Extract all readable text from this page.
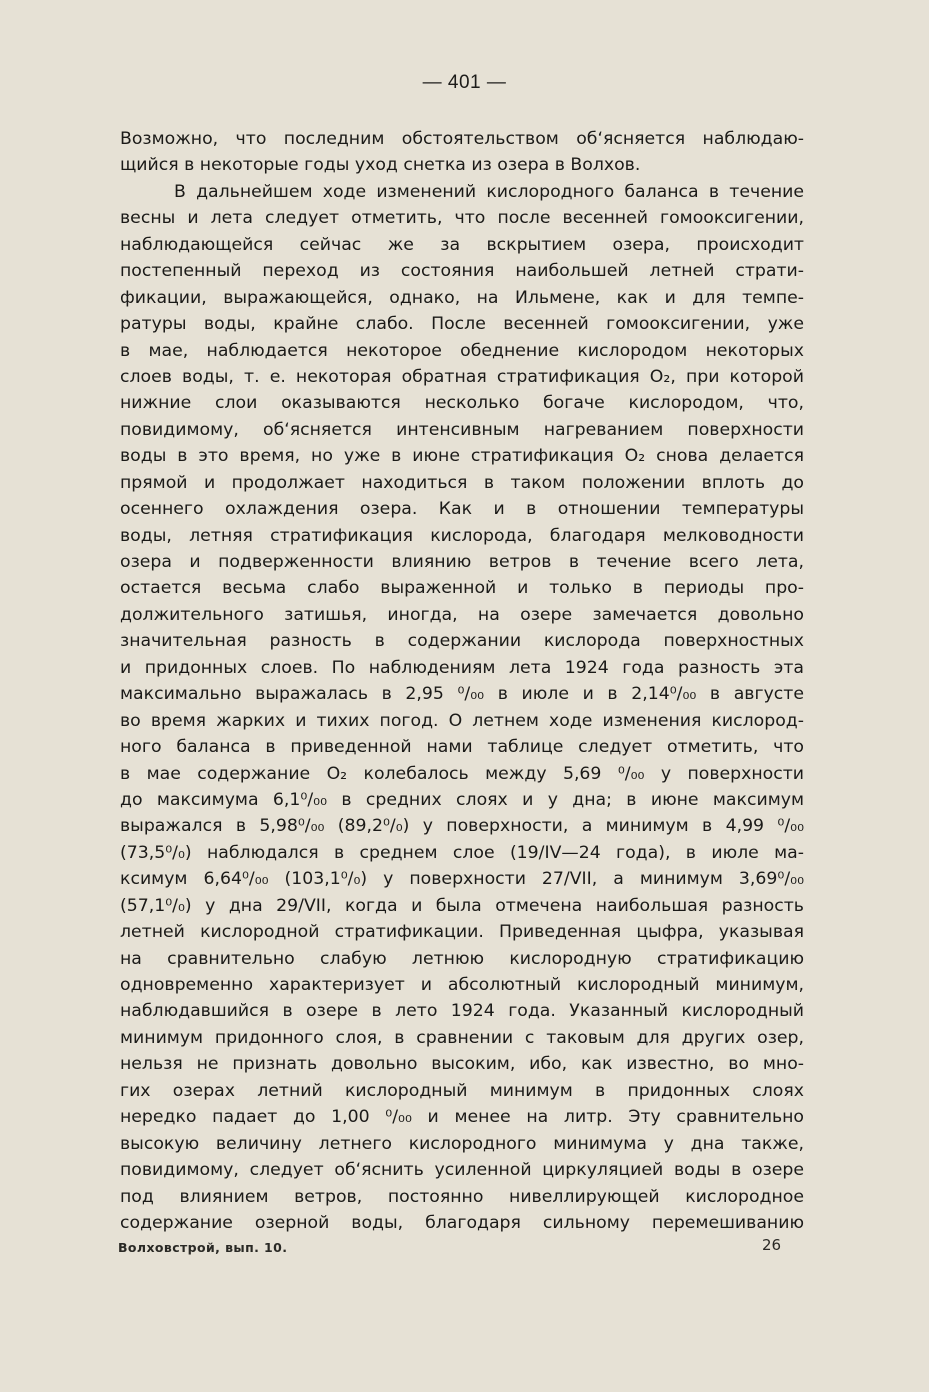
— 401 —
Возможно, что последним обстоятельством об‘ясняется наблюдаю-
щийся в некоторые годы уход снетка из озера в Волхов.
В дальнейшем ходе изменений кислородного баланса в течение
весны и лета следует отметить, что после весенней гомооксигении,
наблюдающейся сейчас же за вскрытием озера, происходит
постепенный переход из состояния наибольшей летней страти-
фикации, выражающейся, однако, на Ильмене, как и для темпе-
ратуры воды, крайне слабо. После весенней гомооксигении, уже
в мае, наблюдается некоторое обеднение кислородом некоторых
слоев воды, т. е. некоторая обратная стратификация O₂, при которой
нижние слои оказываются несколько богаче кислородом, что,
повидимому, об‘ясняется интенсивным нагреванием поверхности
воды в это время, но уже в июне стратификация O₂ снова делается
прямой и продолжает находиться в таком положении вплоть до
осеннего охлаждения озера. Как и в отношении температуры
воды, летняя стратификация кислорода, благодаря мелководности
озера и подверженности влиянию ветров в течение всего лета,
остается весьма слабо выраженной и только в периоды про-
должительного затишья, иногда, на озере замечается довольно
значительная разность в содержании кислорода поверхностных
и придонных слоев. По наблюдениям лета 1924 года разность эта
максимально выражалась в 2,95 ⁰/₀₀ в июле и в 2,14⁰/₀₀ в августе
во время жарких и тихих погод. О летнем ходе изменения кислород-
ного баланса в приведенной нами таблице следует отметить, что
в мае содержание O₂ колебалось между 5,69 ⁰/₀₀ у поверхности
до максимума 6,1⁰/₀₀ в средних слоях и у дна; в июне максимум
выражался в 5,98⁰/₀₀ (89,2⁰/₀) у поверхности, а минимум в 4,99 ⁰/₀₀
(73,5⁰/₀) наблюдался в среднем слое (19/IV—24 года), в июле ма-
ксимум 6,64⁰/₀₀ (103,1⁰/₀) у поверхности 27/VII, а минимум 3,69⁰/₀₀
(57,1⁰/₀) у дна 29/VII, когда и была отмечена наибольшая разность
летней кислородной стратификации. Приведенная цыфра, указывая
на сравнительно слабую летнюю кислородную стратификацию
одновременно характеризует и абсолютный кислородный минимум,
наблюдавшийся в озере в лето 1924 года. Указанный кислородный
минимум придонного слоя, в сравнении с таковым для других озер,
нельзя не признать довольно высоким, ибо, как известно, во мно-
гих озерах летний кислородный минимум в придонных слоях
нередко падает до 1,00 ⁰/₀₀ и менее на литр. Эту сравнительно
высокую величину летнего кислородного минимума у дна также,
повидимому, следует об‘яснить усиленной циркуляцией воды в озере
под влиянием ветров, постоянно нивеллирующей кислородное
содержание озерной воды, благодаря сильному перемешиванию
Волховстрой, вып. 10.	26
